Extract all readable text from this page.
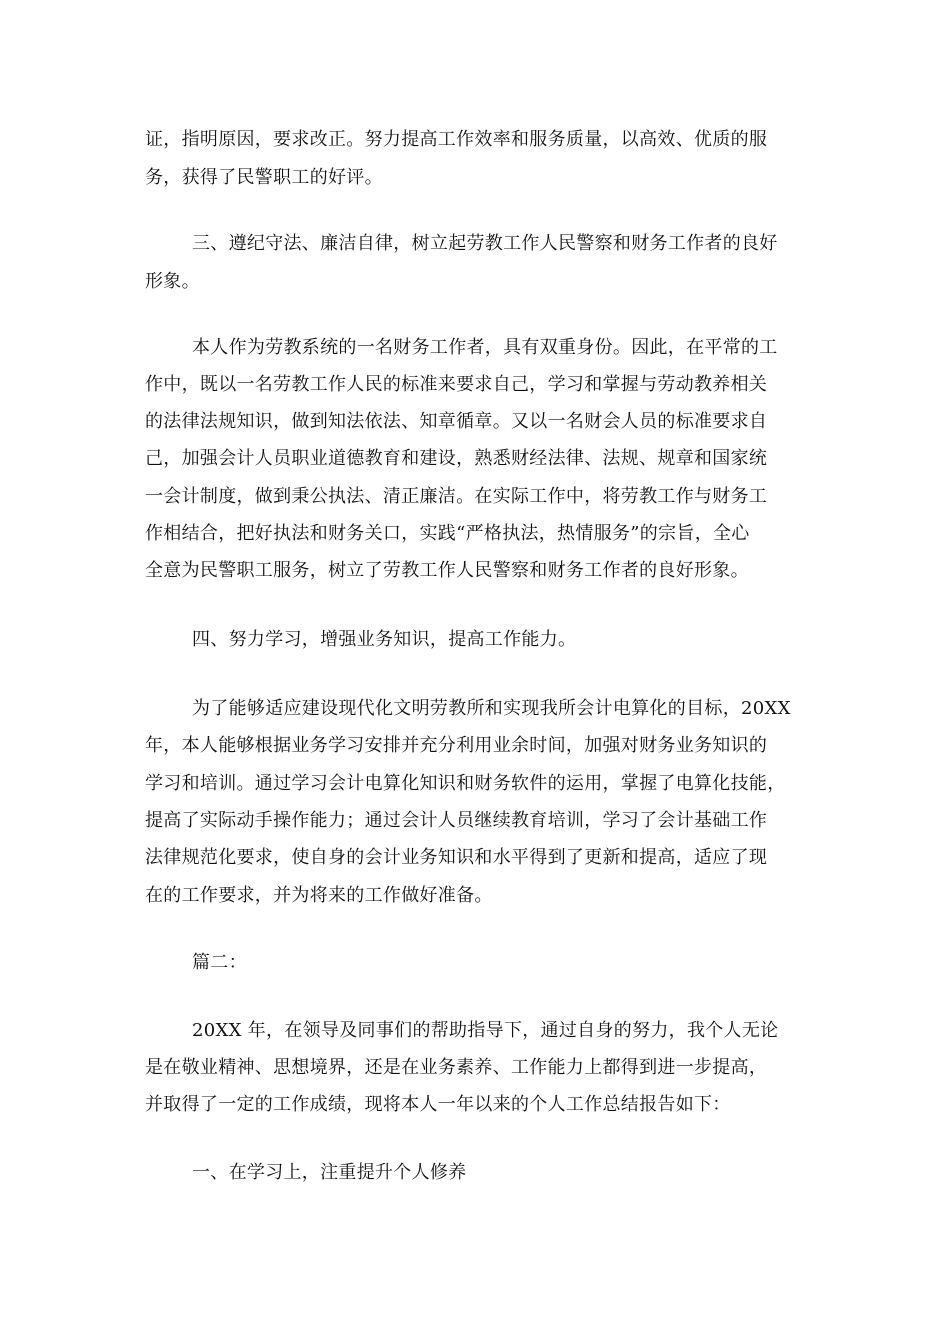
证，指明原因，要求改正。努力提高工作效率和服务质量，以高效、优质的服
务，获得了民警职工的好评。
三、遵纪守法、廉洁自律，树立起劳教工作人民警察和财务工作者的良好
形象。
本人作为劳教系统的一名财务工作者，具有双重身份。因此，在平常的工
作中，既以一名劳教工作人民的标准来要求自己，学习和掌握与劳动教养相关
的法律法规知识，做到知法依法、知章循章。又以一名财会人员的标准要求自
己，加强会计人员职业道德教育和建设，熟悉财经法律、法规、规章和国家统
一会计制度，做到秉公执法、清正廉洁。在实际工作中，将劳教工作与财务工
作相结合，把好执法和财务关口，实践“严格执法，热情服务”的宗旨，全心
全意为民警职工服务，树立了劳教工作人民警察和财务工作者的良好形象。
四、努力学习，增强业务知识，提高工作能力。
为了能够适应建设现代化文明劳教所和实现我所会计电算化的目标，20XX
年，本人能够根据业务学习安排并充分利用业余时间，加强对财务业务知识的
学习和培训。通过学习会计电算化知识和财务软件的运用，掌握了电算化技能，
提高了实际动手操作能力；通过会计人员继续教育培训，学习了会计基础工作
法律规范化要求，使自身的会计业务知识和水平得到了更新和提高，适应了现
在的工作要求，并为将来的工作做好准备。
篇二：
20XX 年，在领导及同事们的帮助指导下，通过自身的努力，我个人无论
是在敬业精神、思想境界，还是在业务素养、工作能力上都得到进一步提高，
并取得了一定的工作成绩，现将本人一年以来的个人工作总结报告如下：
一、在学习上，注重提升个人修养
